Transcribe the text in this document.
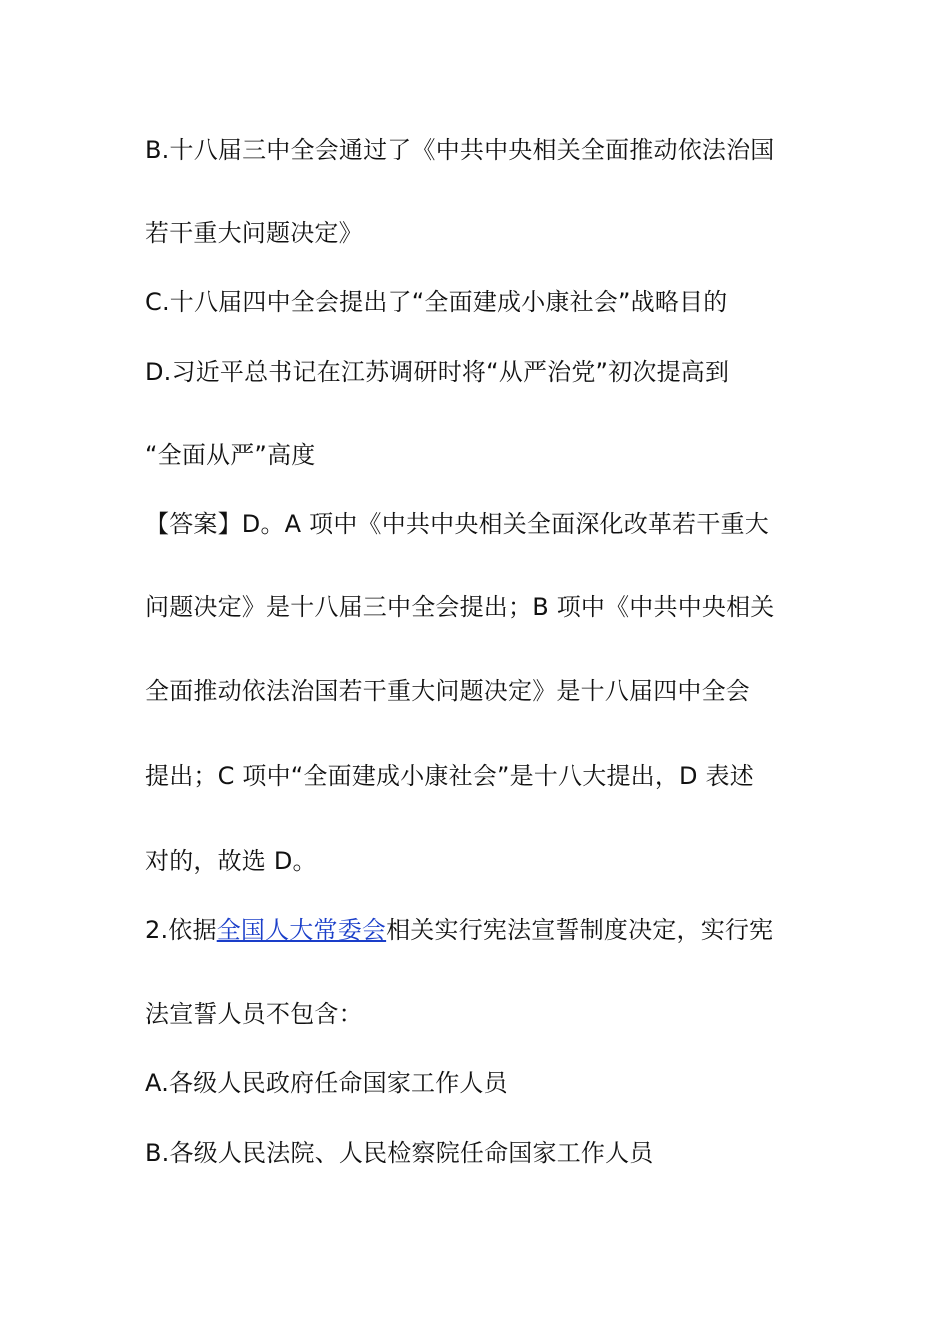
B.十八届三中全会通过了《中共中央相关全面推动依法治国
若干重大问题决定》
C.十八届四中全会提出了“全面建成小康社会”战略目的
D.习近平总书记在江苏调研时将“从严治党”初次提高到
“全面从严”高度
【答案】D。A 项中《中共中央相关全面深化改革若干重大
问题决定》是十八届三中全会提出；B 项中《中共中央相关
全面推动依法治国若干重大问题决定》是十八届四中全会
提出；C 项中“全面建成小康社会”是十八大提出，D 表述
对的，故选 D。
2.依据全国人大常委会相关实行宪法宣誓制度决定，实行宪
法宣誓人员不包含：
A.各级人民政府任命国家工作人员
B.各级人民法院、人民检察院任命国家工作人员
